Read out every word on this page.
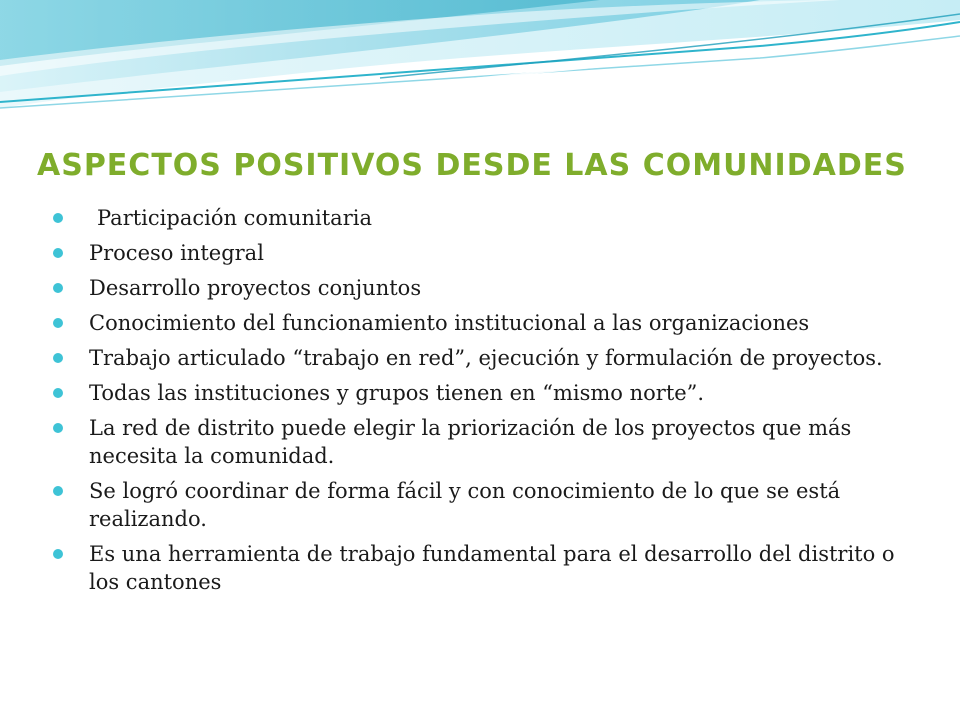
ASPECTOS POSITIVOS DESDE LAS COMUNIDADES
Participación comunitaria
Proceso integral
Desarrollo proyectos conjuntos
Conocimiento del funcionamiento institucional a las organizaciones
Trabajo articulado “trabajo en red”, ejecución y formulación de proyectos.
Todas las instituciones y grupos tienen en “mismo norte”.
La red de distrito puede elegir la priorización de los proyectos que más necesita la comunidad.
Se logró coordinar de forma fácil y con conocimiento de lo que se está realizando.
Es una herramienta de trabajo fundamental para el desarrollo del distrito o los cantones
